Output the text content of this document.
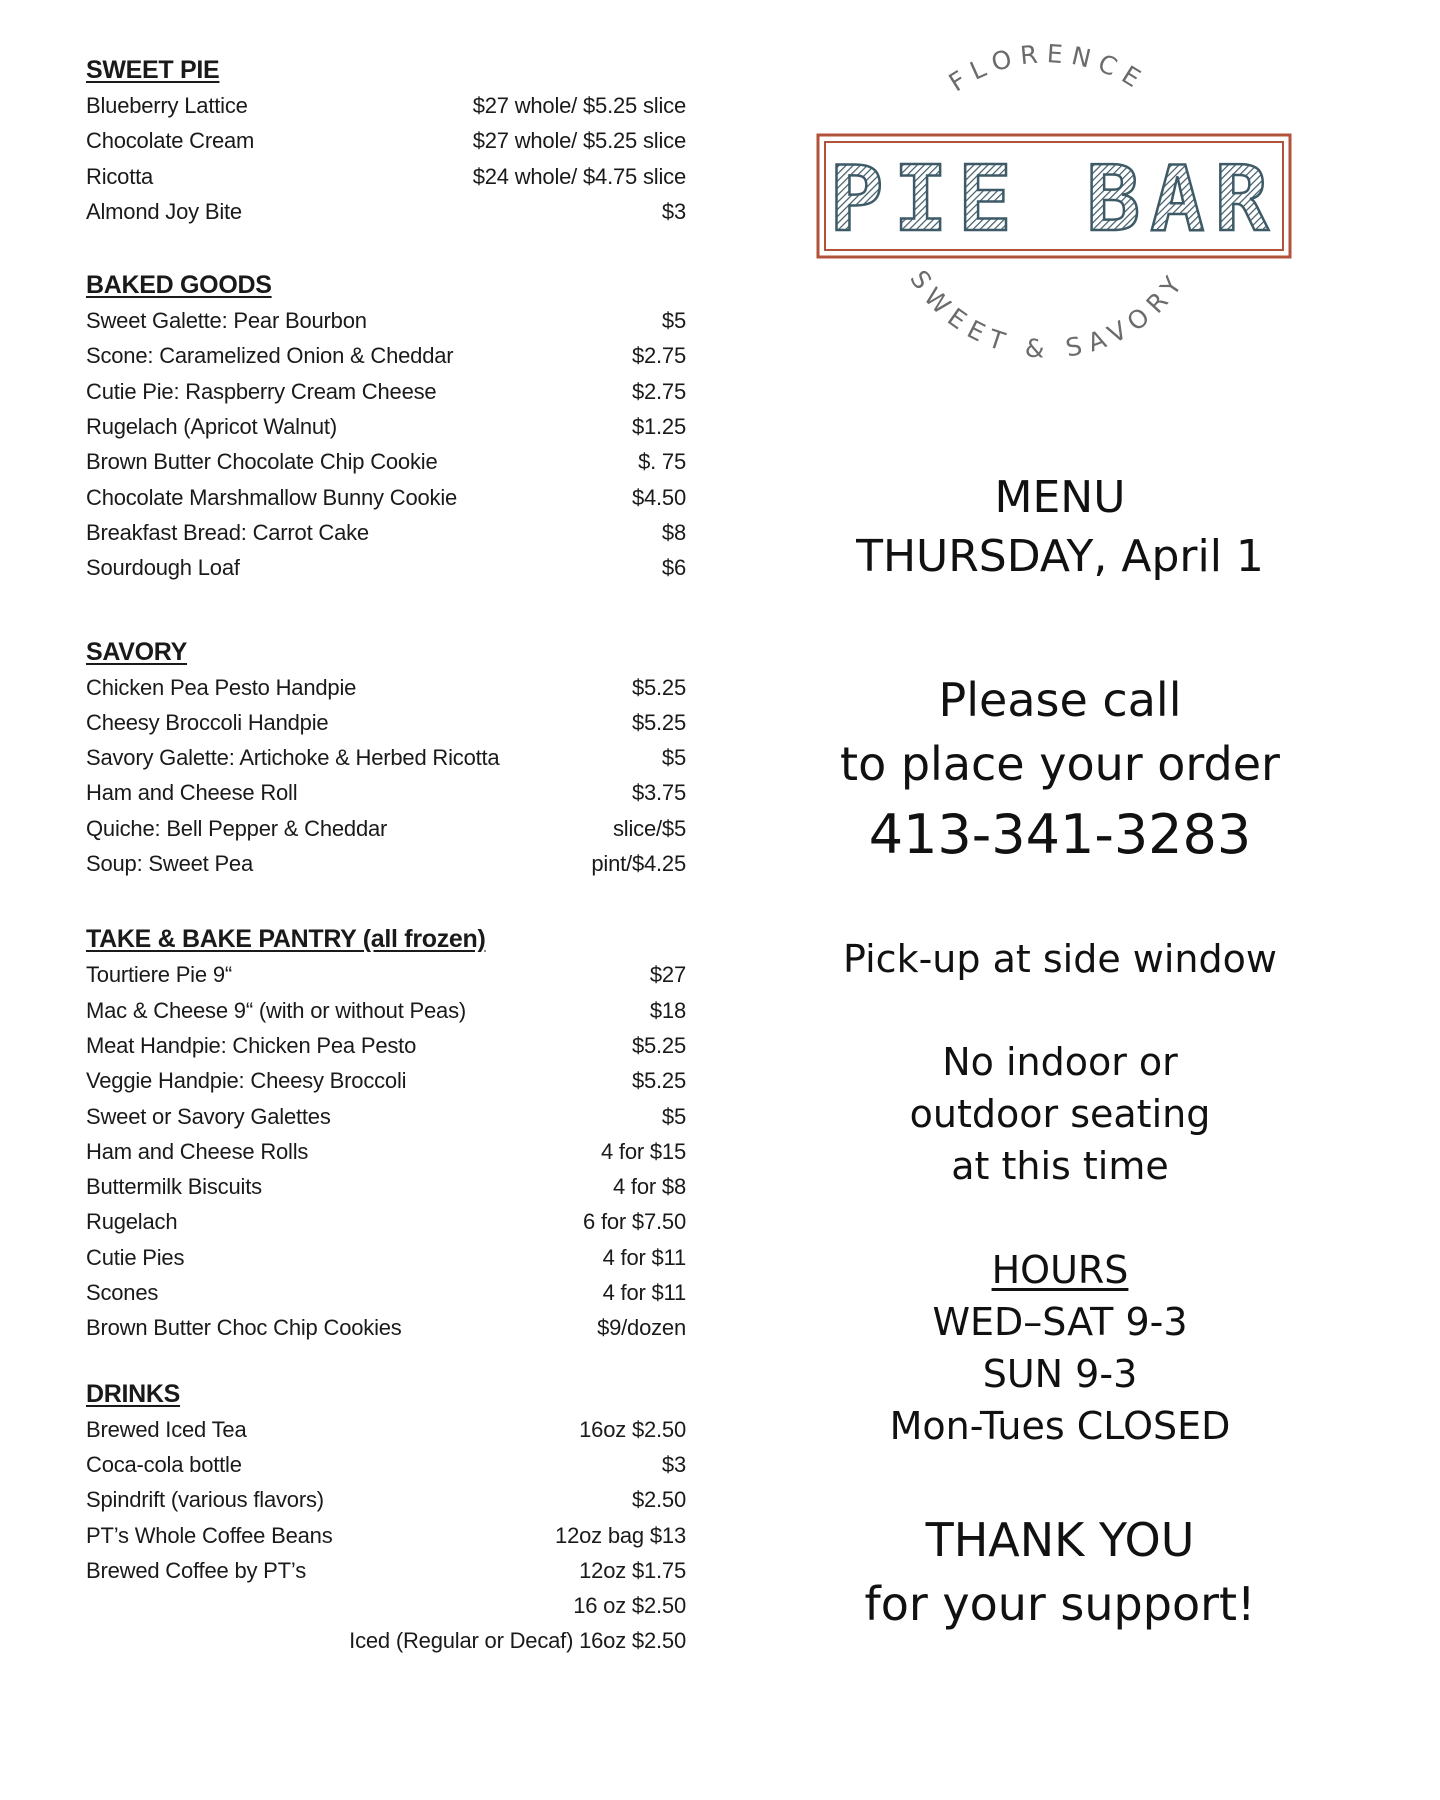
SWEET PIE
Blueberry Lattice	$27 whole/ $5.25 slice
Chocolate Cream	$27 whole/ $5.25 slice
Ricotta	$24 whole/ $4.75 slice
Almond Joy Bite	$3
BAKED GOODS
Sweet Galette: Pear Bourbon	$5
Scone: Caramelized Onion & Cheddar	$2.75
Cutie Pie: Raspberry Cream Cheese	$2.75
Rugelach (Apricot Walnut)	$1.25
Brown Butter Chocolate Chip Cookie	$. 75
Chocolate Marshmallow Bunny Cookie	$4.50
Breakfast Bread: Carrot Cake	$8
Sourdough Loaf	$6
SAVORY
Chicken Pea Pesto Handpie	$5.25
Cheesy Broccoli Handpie	$5.25
Savory Galette: Artichoke & Herbed Ricotta	$5
Ham and Cheese Roll	$3.75
Quiche: Bell Pepper & Cheddar	slice/$5
Soup: Sweet Pea	pint/$4.25
TAKE & BAKE PANTRY (all frozen)
Tourtiere Pie 9“	$27
Mac & Cheese 9“ (with or without Peas)	$18
Meat Handpie: Chicken Pea Pesto	$5.25
Veggie Handpie: Cheesy Broccoli	$5.25
Sweet or Savory Galettes	$5
Ham and Cheese Rolls	4 for $15
Buttermilk Biscuits	4 for $8
Rugelach	6 for $7.50
Cutie Pies	4 for $11
Scones	4 for $11
Brown Butter Choc Chip Cookies	$9/dozen
DRINKS
Brewed Iced Tea	16oz $2.50
Coca-cola bottle	$3
Spindrift (various flavors)	$2.50
PT’s Whole Coffee Beans	12oz bag $13
Brewed Coffee by PT’s	12oz $1.75
16 oz $2.50
Iced (Regular or Decaf) 16oz $2.50
FLORENCE
PIE BAR
SWEET & SAVORY
MENU
THURSDAY, April 1
Please call
to place your order
413-341-3283
Pick-up at side window
No indoor or
outdoor seating
at this time
HOURS
WED–SAT 9-3
SUN 9-3
Mon-Tues CLOSED
THANK YOU
for your support!
